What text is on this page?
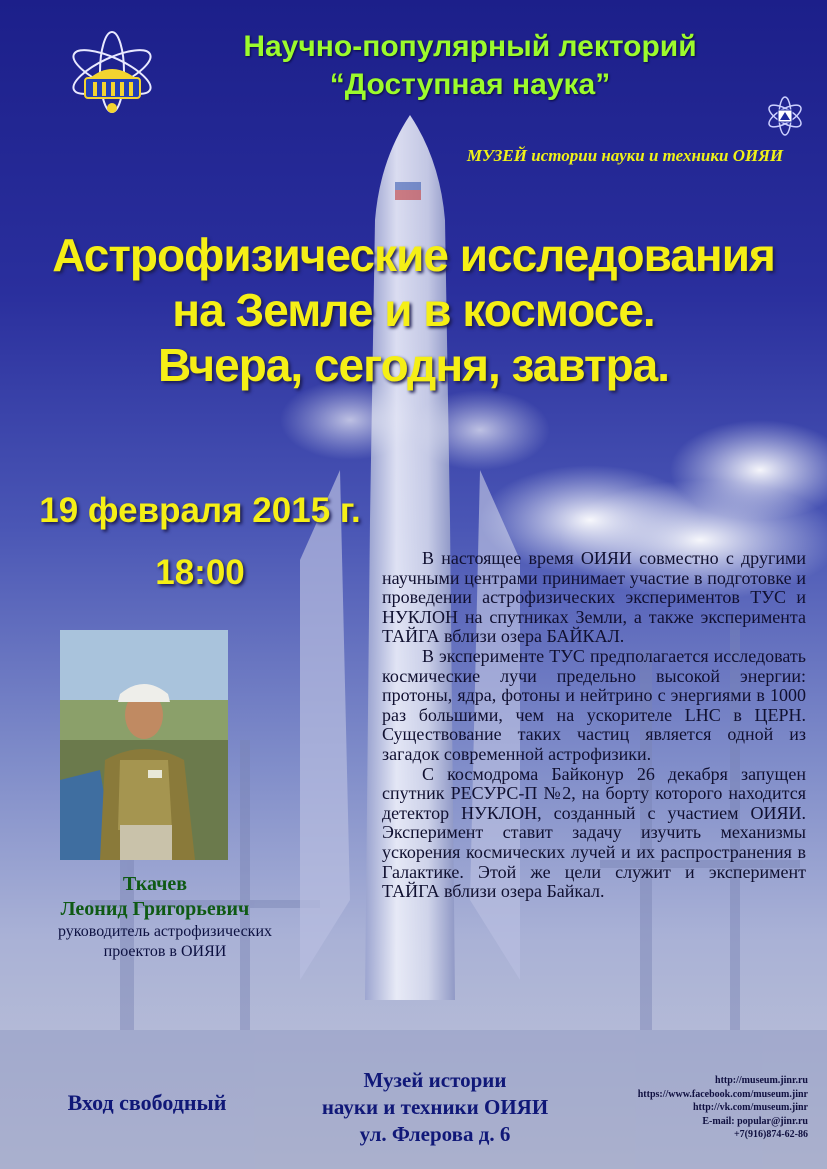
Научно-популярный лекторий
“Доступная наука”
МУЗЕЙ истории науки и техники ОИЯИ
Астрофизические исследования
на Земле и в космосе.
Вчера, сегодня, завтра.
19 февраля 2015 г.
18:00	В настоящее время ОИЯИ совместно с другими научными центрами принимает участие в подготовке и проведении астрофизических экспериментов ТУС и НУКЛОН на спутниках Земли, а также эксперимента ТАЙГА вблизи озера БАЙКАЛ.

В эксперименте ТУС предполагается исследовать космические лучи предельно высокой энергии: протоны, ядра, фотоны и нейтрино с энергиями в 1000 раз большими, чем на ускорителе LHC в ЦЕРН. Существование таких частиц является одной из загадок современной астрофизики.

С космодрома Байконур 26 декабря запущен спутник РЕСУРС-П №2, на борту которого находится детектор НУКЛОН, созданный с участием ОИЯИ. Эксперимент ставит задачу изучить механизмы ускорения космических лучей и их распространения в Галактике. Этой же цели служит и эксперимент ТАЙГА вблизи озера Байкал.

Ткачев
Леонид Григорьевич
руководитель астрофизических
проектов в ОИЯИ
Вход свободный
Музей истории
науки и техники ОИЯИ
ул. Флерова д. 6
http://museum.jinr.ru
https://www.facebook.com/museum.jinr
http://vk.com/museum.jinr
E-mail: popular@jinr.ru
+7(916)874-62-86
